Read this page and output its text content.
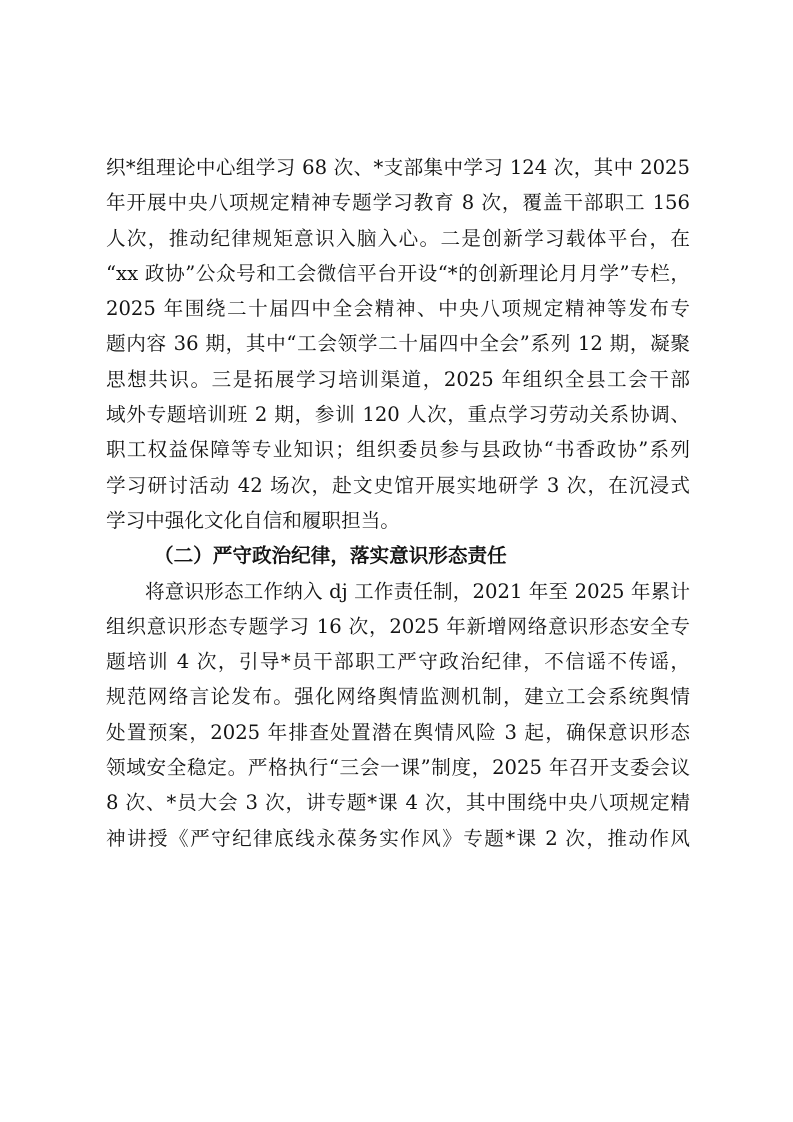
织*组理论中心组学习 68 次、*支部集中学习 124 次，其中 2025
年开展中央八项规定精神专题学习教育 8 次，覆盖干部职工 156
人次，推动纪律规矩意识入脑入心。二是创新学习载体平台，在
“xx 政协”公众号和工会微信平台开设“*的创新理论月月学”专栏，
2025 年围绕二十届四中全会精神、中央八项规定精神等发布专
题内容 36 期，其中“工会领学二十届四中全会”系列 12 期，凝聚
思想共识。三是拓展学习培训渠道，2025 年组织全县工会干部
域外专题培训班 2 期，参训 120 人次，重点学习劳动关系协调、
职工权益保障等专业知识；组织委员参与县政协“书香政协”系列
学习研讨活动 42 场次，赴文史馆开展实地研学 3 次，在沉浸式
学习中强化文化自信和履职担当。
（二）严守政治纪律，落实意识形态责任
将意识形态工作纳入 dj 工作责任制，2021 年至 2025 年累计
组织意识形态专题学习 16 次，2025 年新增网络意识形态安全专
题培训 4 次，引导*员干部职工严守政治纪律，不信谣不传谣，
规范网络言论发布。强化网络舆情监测机制，建立工会系统舆情
处置预案，2025 年排查处置潜在舆情风险 3 起，确保意识形态
领域安全稳定。严格执行“三会一课”制度，2025 年召开支委会议
8 次、*员大会 3 次，讲专题*课 4 次，其中围绕中央八项规定精
神讲授《严守纪律底线永葆务实作风》专题*课 2 次，推动作风
